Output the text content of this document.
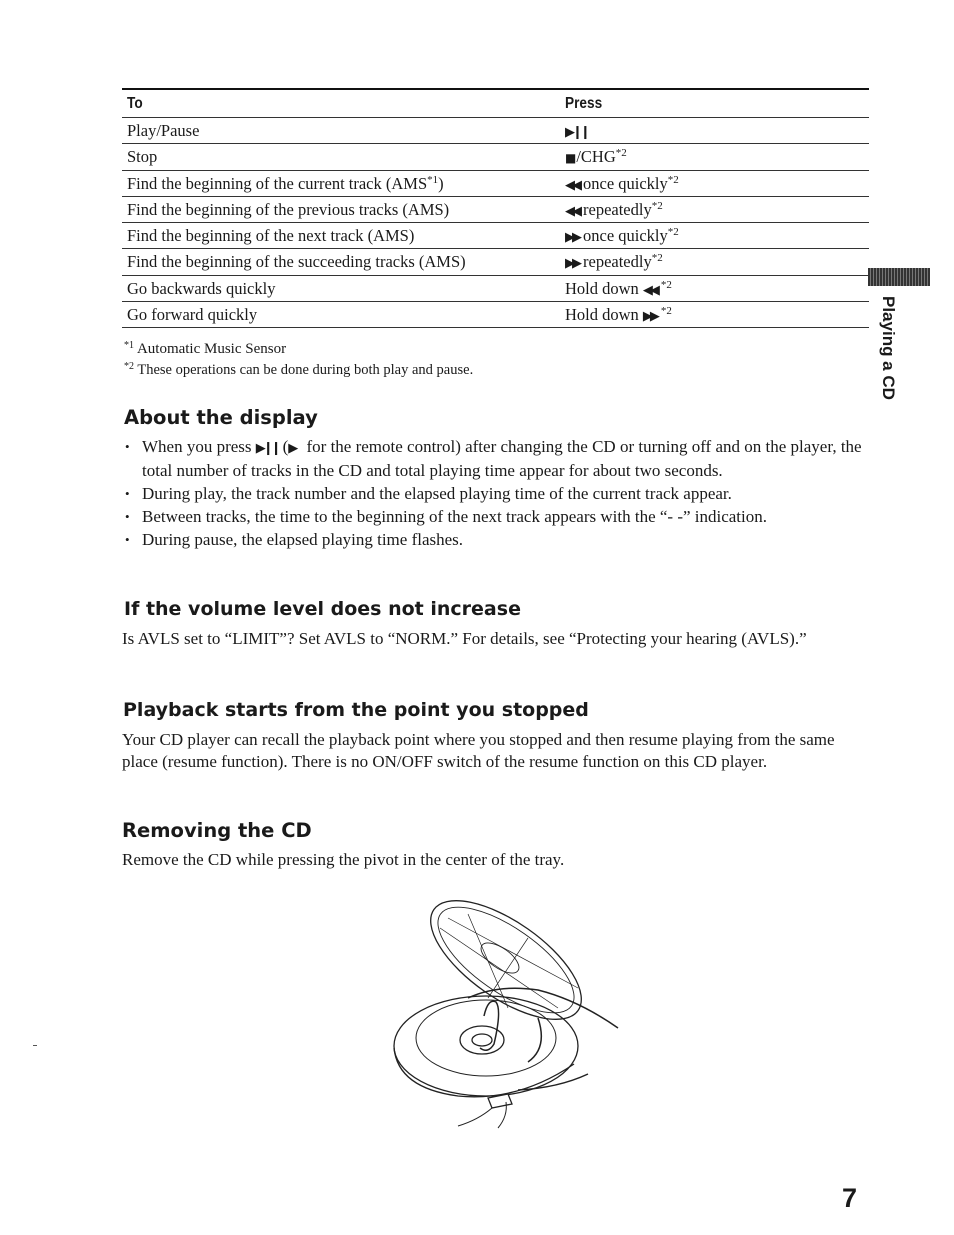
To	Press
Play/Pause	▶❙❙
Stop	■/CHG$^{*2}$
Find the beginning of the current track (AMS$^{*1}$)	◀◀ once quickly$^{*2}$
Find the beginning of the previous tracks (AMS)	◀◀ repeatedly$^{*2}$
Find the beginning of the next track (AMS)	▶▶ once quickly$^{*2}$
Find the beginning of the succeeding tracks (AMS)	▶▶ repeatedly$^{*2}$
Go backwards quickly	Hold down ◀◀ $^{*2}$
Go forward quickly	Hold down ▶▶ $^{*2}$
$^{*1}$ Automatic Music Sensor
$^{*2}$ These operations can be done during both play and pause.	Playing a CD
About the display
• When you press ▶❙❙ (▶ for the remote control) after changing the CD or turning off and on the player, the total number of tracks in the CD and total playing time appear for about two seconds.
• During play, the track number and the elapsed playing time of the current track appear.
• Between tracks, the time to the beginning of the next track appears with the “- -” indication.
• During pause, the elapsed playing time flashes.
If the volume level does not increase
Is AVLS set to “LIMIT”? Set AVLS to “NORM.” For details, see “Protecting your hearing (AVLS).”
Playback starts from the point you stopped
Your CD player can recall the playback point where you stopped and then resume playing from the same place (resume function). There is no ON/OFF switch of the resume function on this CD player.
Removing the CD
Remove the CD while pressing the pivot in the center of the tray.
7
